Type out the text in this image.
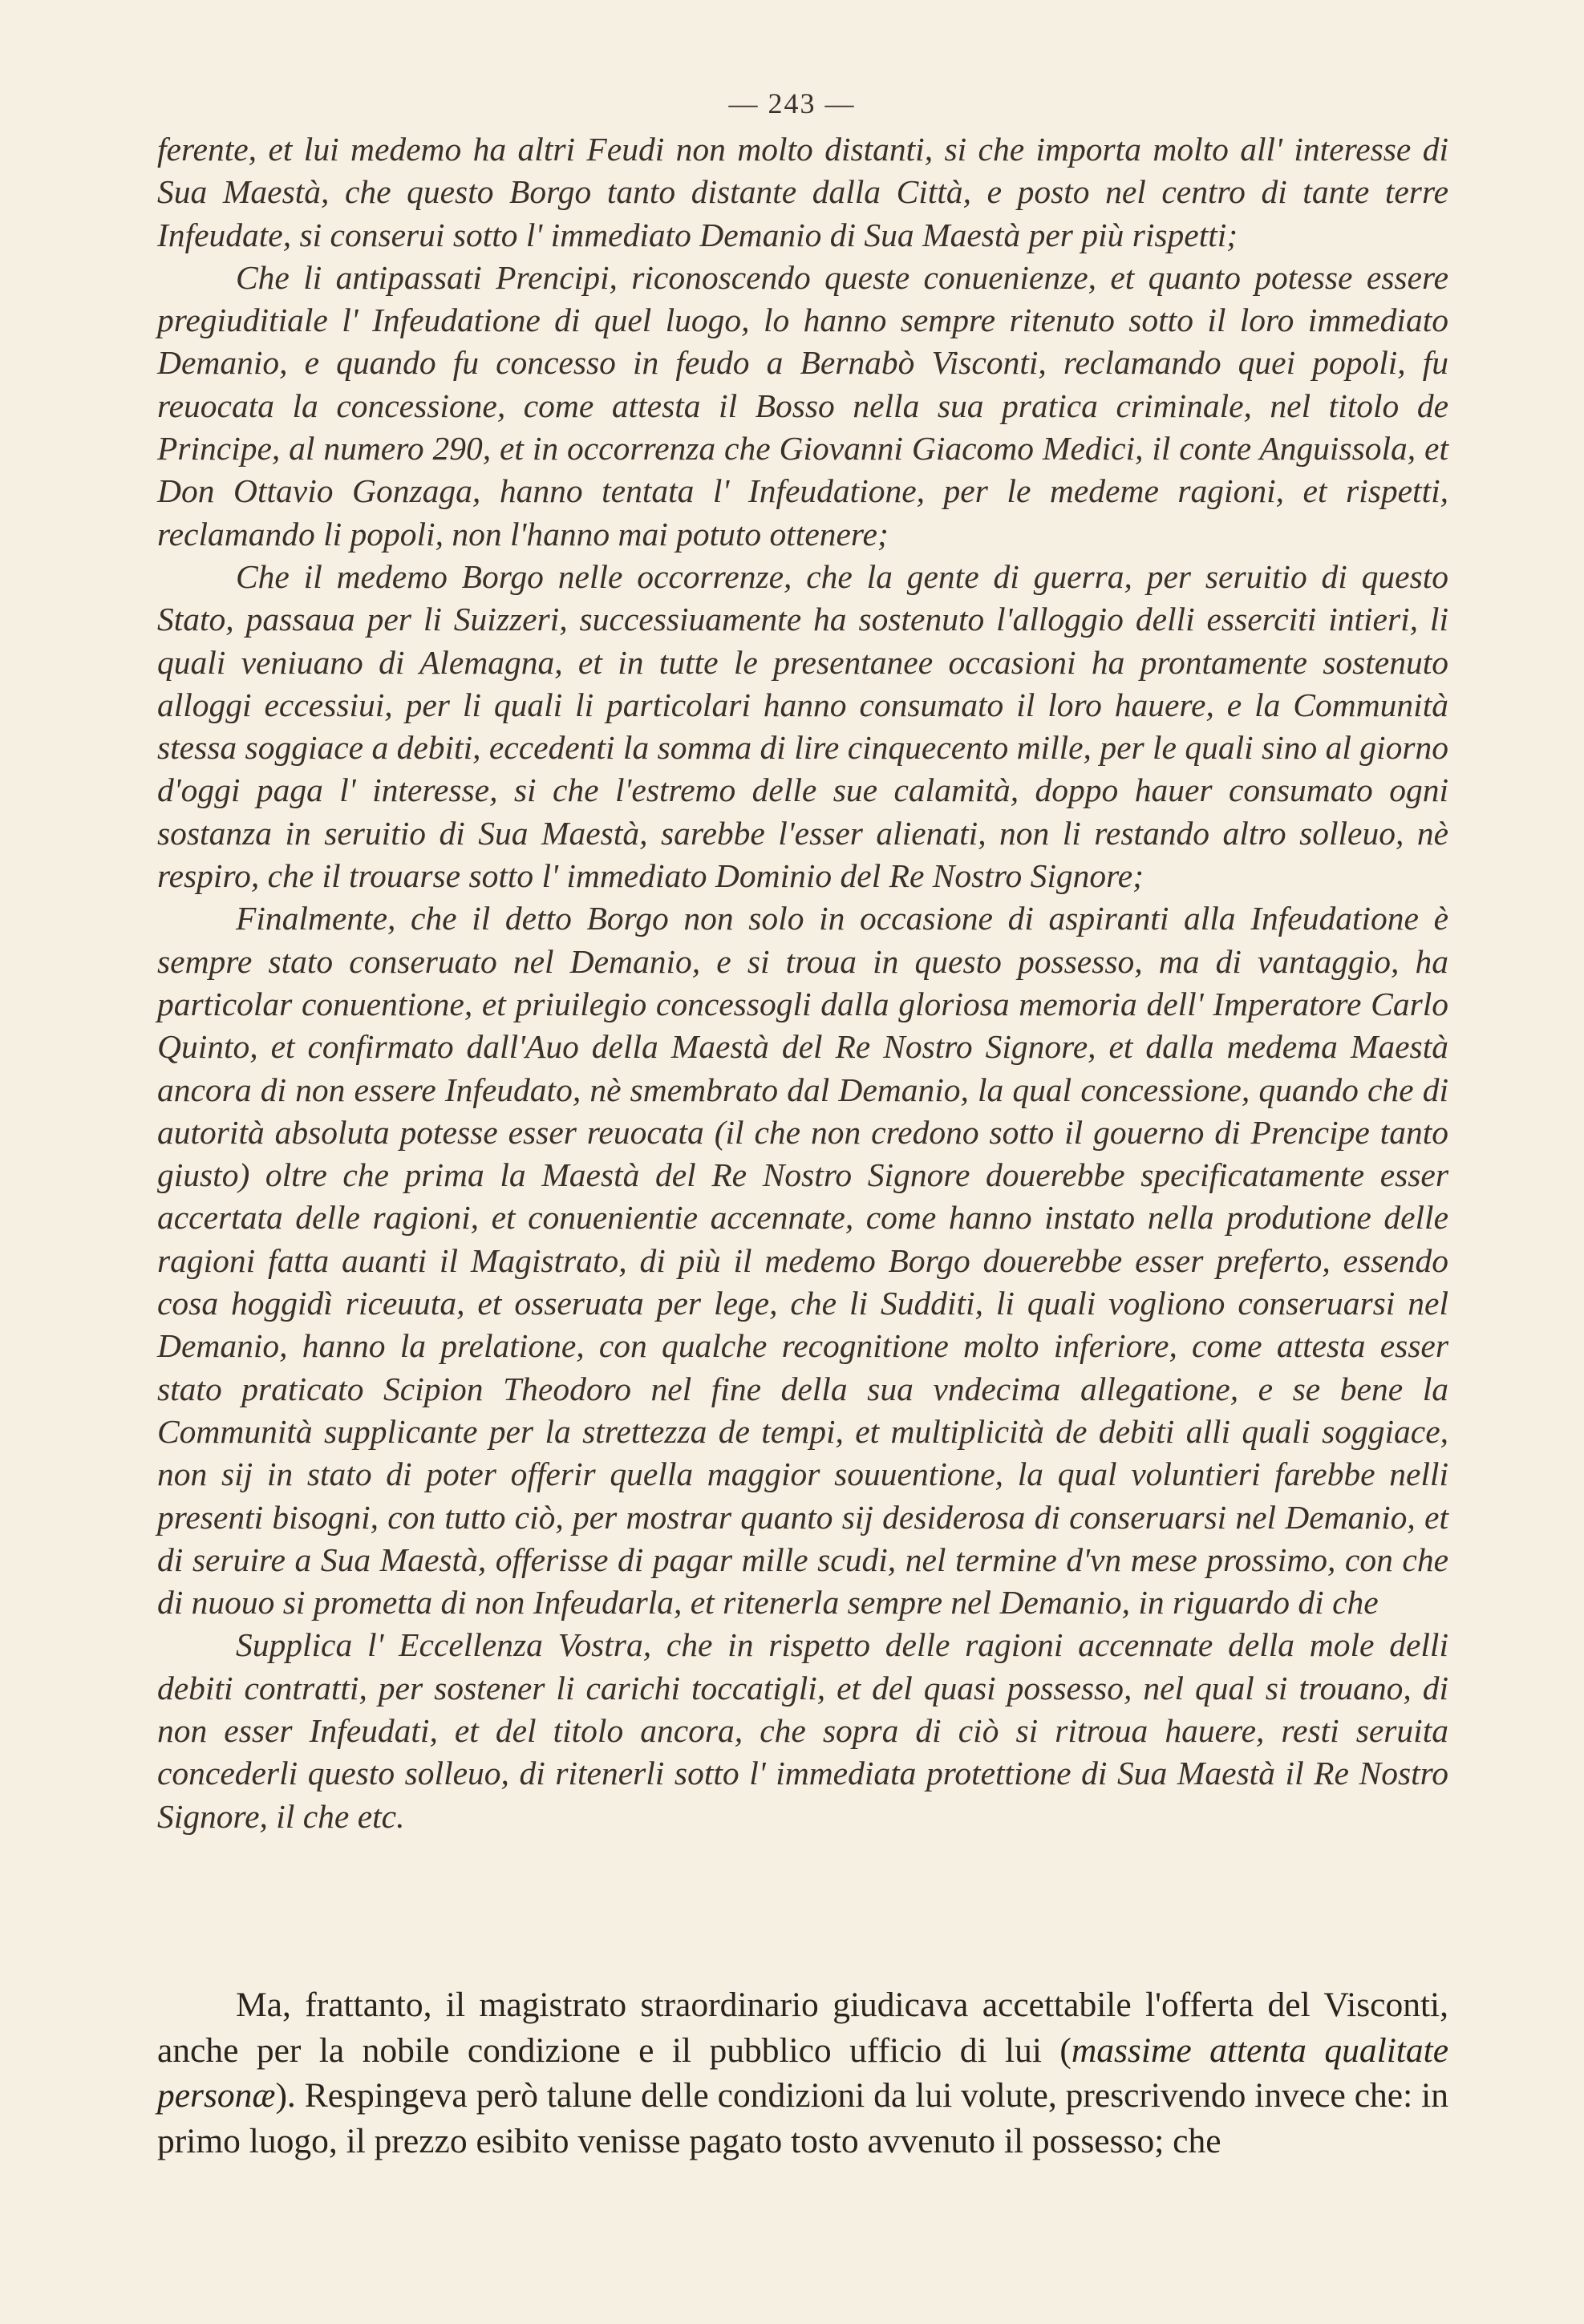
— 243 —

ferente, et lui medemo ha altri Feudi non molto distanti, si che importa molto all' interesse di Sua Maestà, che questo Borgo tanto distante dalla Città, e posto nel centro di tante terre Infeudate, si conserui sotto l' immediato Demanio di Sua Maestà per più rispetti;

Che li antipassati Prencipi, riconoscendo queste conuenienze, et quanto potesse essere pregiuditiale l' Infeudatione di quel luogo, lo hanno sempre ritenuto sotto il loro immediato Demanio, e quando fu concesso in feudo a Bernabò Visconti, reclamando quei popoli, fu reuocata la concessione, come attesta il Bosso nella sua pratica criminale, nel titolo de Principe, al numero 290, et in occorrenza che Giovanni Giacomo Medici, il conte Anguissola, et Don Ottavio Gonzaga, hanno tentata l' Infeudatione, per le medeme ragioni, et rispetti, reclamando li popoli, non l'hanno mai potuto ottenere;

Che il medemo Borgo nelle occorrenze, che la gente di guerra, per seruitio di questo Stato, passaua per li Suizzeri, successiuamente ha sostenuto l'alloggio delli esserciti intieri, li quali veniuano di Alemagna, et in tutte le presentanee occasioni ha prontamente sostenuto alloggi eccessiui, per li quali li particolari hanno consumato il loro hauere, e la Communità stessa soggiace a debiti, eccedenti la somma di lire cinquecento mille, per le quali sino al giorno d'oggi paga l' interesse, si che l'estremo delle sue calamità, doppo hauer consumato ogni sostanza in seruitio di Sua Maestà, sarebbe l'esser alienati, non li restando altro solleuo, nè respiro, che il trouarse sotto l' immediato Dominio del Re Nostro Signore;

Finalmente, che il detto Borgo non solo in occasione di aspiranti alla Infeudatione è sempre stato conseruato nel Demanio, e si troua in questo possesso, ma di vantaggio, ha particolar conuentione, et priuilegio concessogli dalla gloriosa memoria dell' Imperatore Carlo Quinto, et confirmato dall'Auo della Maestà del Re Nostro Signore, et dalla medema Maestà ancora di non essere Infeudato, nè smembrato dal Demanio, la qual concessione, quando che di autorità absoluta potesse esser reuocata (il che non credono sotto il gouerno di Prencipe tanto giusto) oltre che prima la Maestà del Re Nostro Signore douerebbe specificatamente esser accertata delle ragioni, et conuenientie accennate, come hanno instato nella produtione delle ragioni fatta auanti il Magistrato, di più il medemo Borgo douerebbe esser preferto, essendo cosa hoggidì riceuuta, et osseruata per lege, che li Sudditi, li quali vogliono conseruarsi nel Demanio, hanno la prelatione, con qualche recognitione molto inferiore, come attesta esser stato praticato Scipion Theodoro nel fine della sua vndecima allegatione, e se bene la Communità supplicante per la strettezza de tempi, et multiplicità de debiti alli quali soggiace, non sij in stato di poter offerir quella maggior souuentione, la qual voluntieri farebbe nelli presenti bisogni, con tutto ciò, per mostrar quanto sij desiderosa di conseruarsi nel Demanio, et di seruire a Sua Maestà, offerisse di pagar mille scudi, nel termine d'vn mese prossimo, con che di nuouo si prometta di non Infeudarla, et ritenerla sempre nel Demanio, in riguardo di che

Supplica l' Eccellenza Vostra, che in rispetto delle ragioni accennate della mole delli debiti contratti, per sostener li carichi toccatigli, et del quasi possesso, nel qual si trouano, di non esser Infeudati, et del titolo ancora, che sopra di ciò si ritroua hauere, resti seruita concederli questo solleuo, di ritenerli sotto l' immediata protettione di Sua Maestà il Re Nostro Signore, il che etc.

Ma, frattanto, il magistrato straordinario giudicava accettabile l'offerta del Visconti, anche per la nobile condizione e il pubblico ufficio di lui (massime attenta qualitate personæ). Respingeva però talune delle condizioni da lui volute, prescrivendo invece che: in primo luogo, il prezzo esibito venisse pagato tosto avvenuto il possesso; che
